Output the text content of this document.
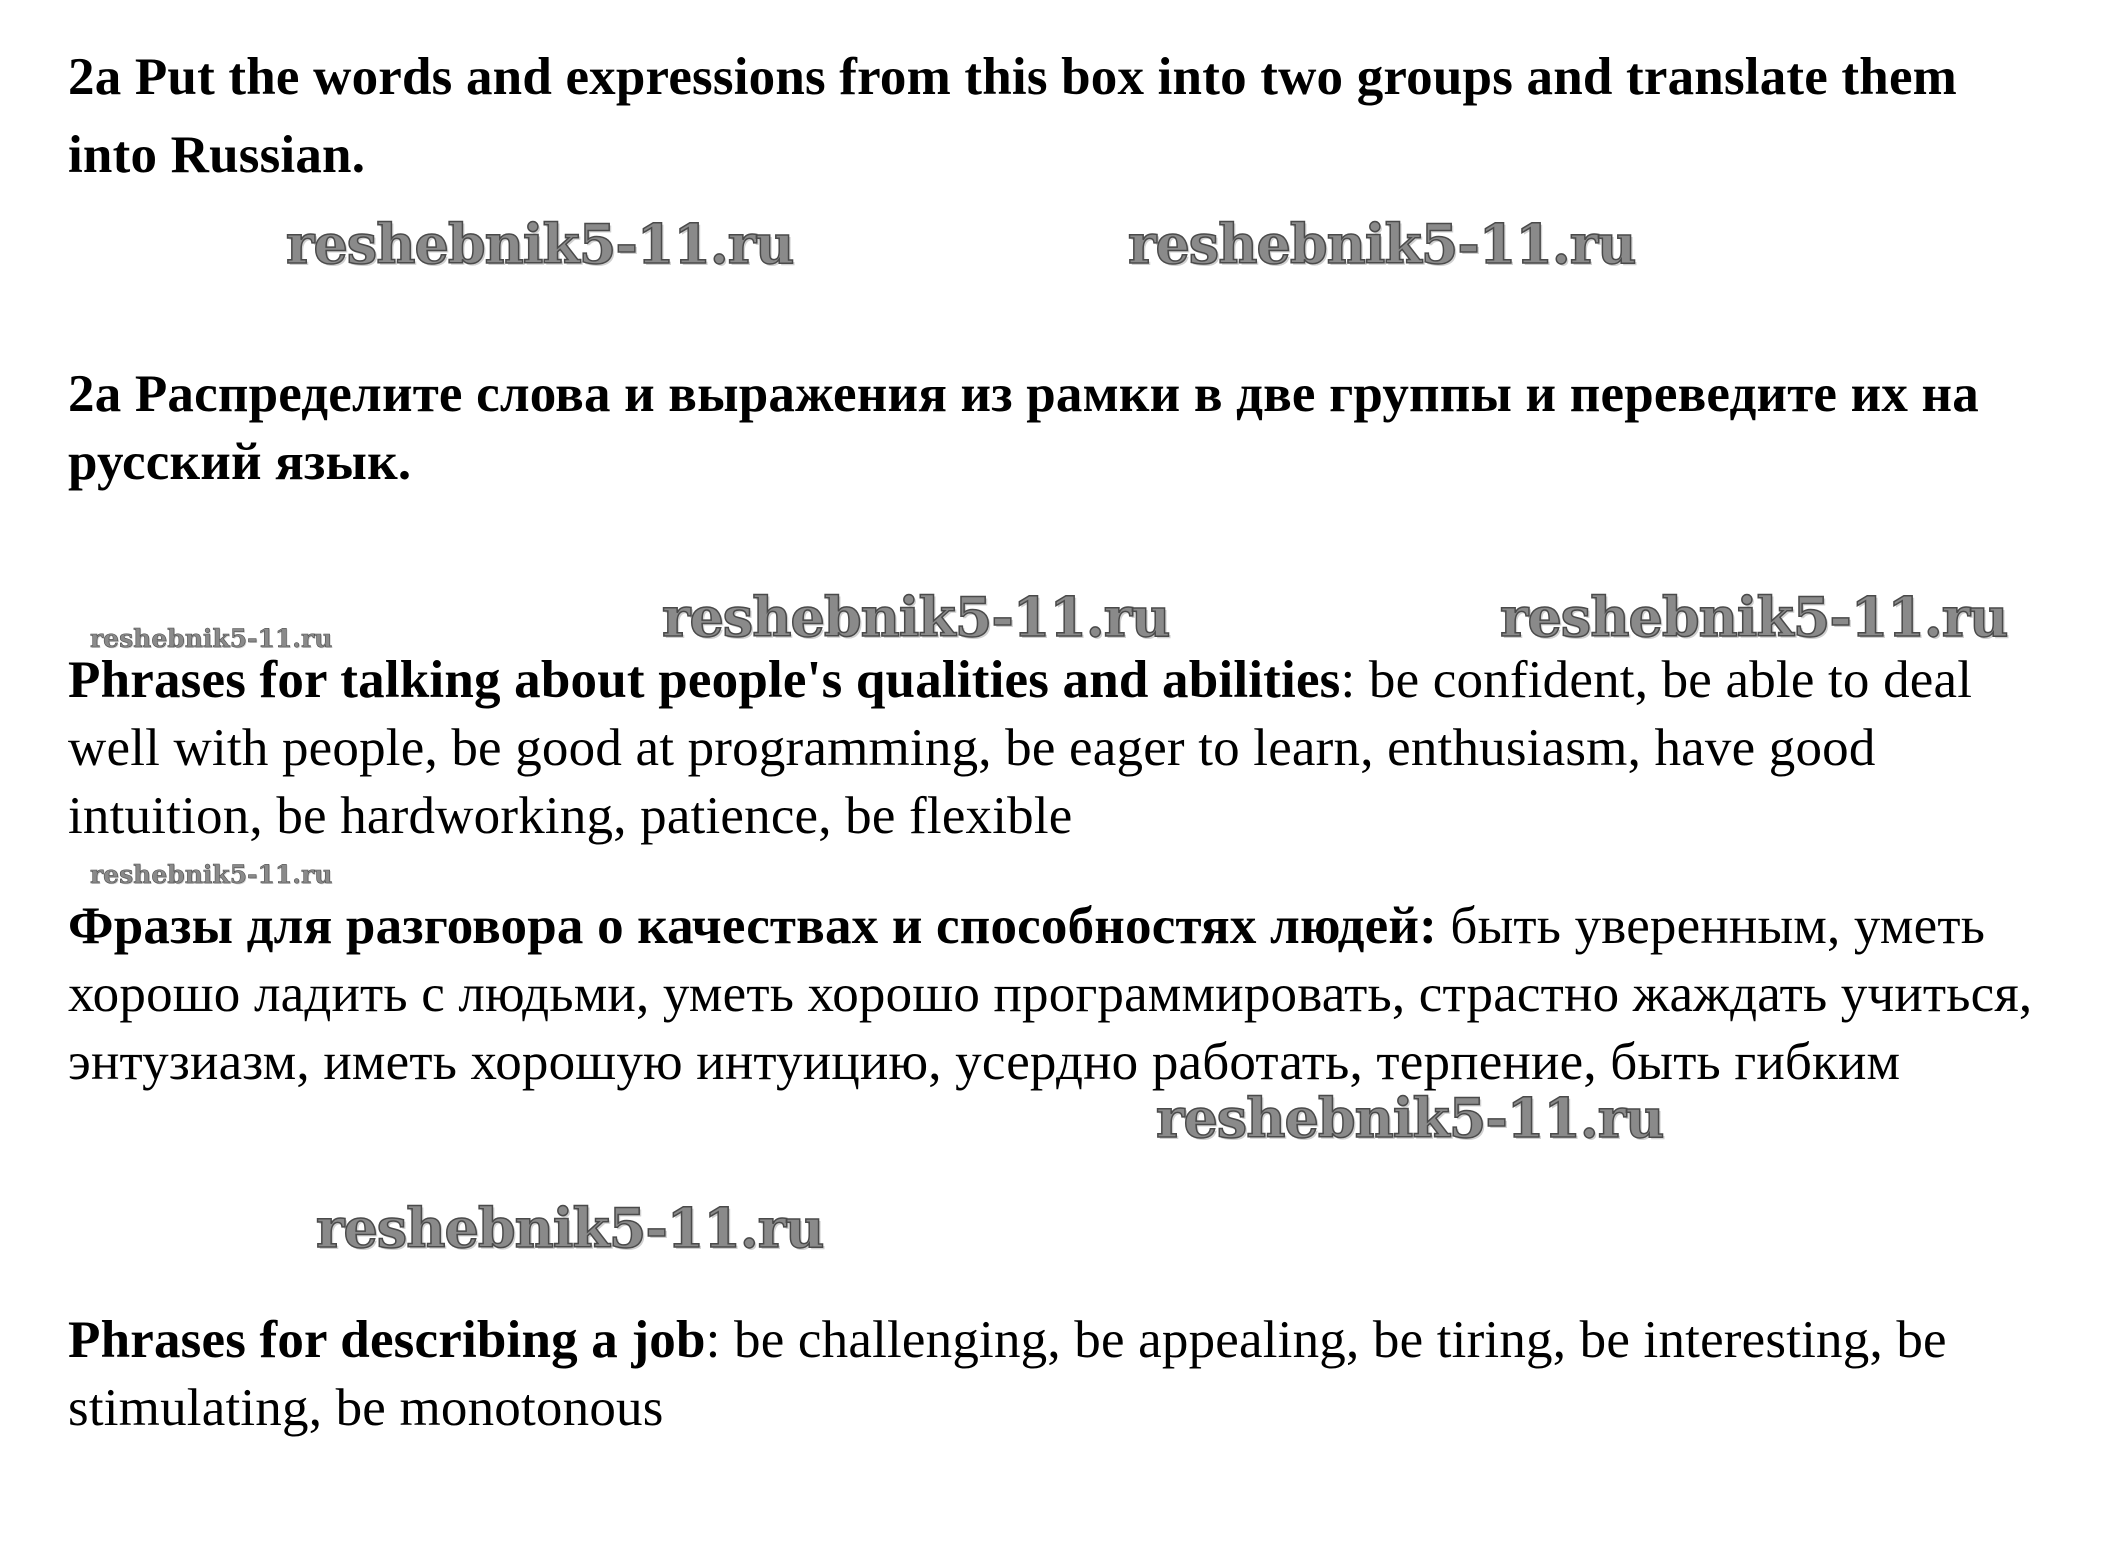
2a Put the words and expressions from this box into two groups and translate them into Russian.
reshebnik5-11.ru	reshebnik5-11.ru
2a Распределите слова и выражения из рамки в две группы и переведите их на русский язык.
reshebnik5-11.ru	reshebnik5-11.ru	reshebnik5-11.ru
Phrases for talking about people's qualities and abilities: be confident, be able to deal well with people, be good at programming, be eager to learn, enthusiasm, have good intuition, be hardworking, patience, be flexible
reshebnik5-11.ru
Фразы для разговора о качествах и способностях людей: быть уверенным, уметь хорошо ладить с людьми, уметь хорошо программировать, страстно жаждать учиться, энтузиазм, иметь хорошую интуицию, усердно работать, терпение, быть гибким
reshebnik5-11.ru
reshebnik5-11.ru
Phrases for describing a job: be challenging, be appealing, be tiring, be interesting, be stimulating, be monotonous
